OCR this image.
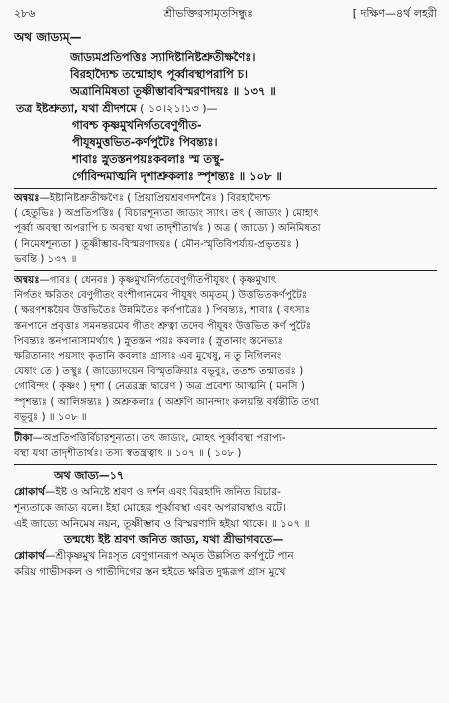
২৮৬	শ্রীভক্তিরসামৃতসিন্ধুঃ	[ দক্ষিণ—৪র্থ লহরী
অথ জাড্যম্‌—
জাড্যমপ্রতিপত্তিঃ স্যাদিষ্টানিষ্টশ্রুতীক্ষণৈঃ।
বিরহাদ্যৈশ্চ তন্মোহাৎ পূর্ব্বাবস্থাপরাপি চ।
অত্রানিমিষতা তূষ্ণীম্ভাববিস্মরণাদয়ঃ ॥ ১৩৭ ॥
তত্র ইষ্টশ্রুত্যা, যথা শ্রীদশমে ( ১০।২১।১৩ )—
গাবশ্চ কৃষ্ণমুখনির্গতবেণুগীত-
পীযূষমুত্তভিত-কর্ণপুটৈঃ পিবন্ত্যঃ।
শাবাঃ স্নুতস্তনপয়ঃকবলাঃ স্ম তস্থু-
র্গোবিন্দমাত্মনি দৃশাশ্রুকলাঃ স্পৃশন্ত্যঃ ॥ ১০৮ ॥
অন্বয়ঃ—ইষ্টানিষ্টশ্রুতীক্ষণৈঃ ( প্রিয়াপ্রিয়শ্রবণদর্শনৈঃ ) বিরহাদ্যৈশ্চ
( হেতুভিঃ ) অপ্রতিপত্তিঃ ( বিচারশূন্যতা জাড্যং স্যাৎ। তৎ ( জাড্যং ) মোহাৎ
পূর্ব্বা অবস্থা অপরাপি চ অবস্থা যথা তাদৃশীতার্থঃ ) অত্র ( জাড্যে ) অনিমিষতা
( নিমেষশূন্যতা ) তূষ্ণীম্ভাব-বিস্মরণাদয়ঃ ( মৌন-স্মৃতিবিপর্য্যয়-প্রভৃতয়ঃ )
ভবন্তি ) ১৩৭ ॥
অন্বয়ঃ—গাবঃ ( ধেনবঃ ) কৃষ্ণমুখনির্গতবেণুগীতপীযূষং ( কৃষ্ণমুখাৎ
নির্গতং ক্ষরিতং বেণুগীতং বংশীগানমেব পীযূষং অমৃতম্‌ ) উত্তভিতকর্ণপুটৈঃ
( ক্ষরণশঙ্কয়ৈব উত্তভিতৈঃ উন্নমিতৈঃ কর্ণপাত্রৈঃ ) পিবন্ত্যঃ, শাবাঃ ( বৎসাঃ
স্তনপানে প্রবৃত্তাঃ সমনন্তরমেব গীতং শ্রুত্বা তদেব পীযূষং উত্তভিত কর্ণ পুটৈঃ
পিবন্ত্যঃ স্তনপানাসামর্থ্যাৎ ) স্নুতস্তন পয়ঃ কবলাঃ ( স্নুতানাং স্তনেভ্যঃ
ক্ষরিতানাং পয়সাং কৃতানি কবলাঃ গ্রাসাঃ এব মুখেষু, ন তু নিগিলনং
যেষাং তে ) তস্থুঃ ( জাড্যোদয়েন বিস্মৃতক্রিয়াঃ বভূবুঃ, ততশ্চ তন্মাতরঃ )
গোবিন্দং ( কৃষ্ণং ) দৃশা ( নেত্ররন্ধ্র দ্বারেণ ) অত্র প্রবেশ্য আত্মনি ( মনসি )
স্পৃশন্ত্যঃ ( আলিঙ্গন্ত্যঃ ) অশ্রুকলাঃ ( অশ্রুণি আনন্দাং কলয়ন্তি বর্ষন্তীতি তথা
বভূবুঃ ) ॥ ১০৮ ॥
টীকা—অপ্রতিপত্তির্বিচারশূন্যতা। তৎ জাড্যং, মোহৎ পূর্ব্বাবস্থা পরাপ্য-
বস্থা যথা তাদৃশীতার্থঃ। তস্য স্বতন্ত্রত্বাৎ ॥ ১০৭ ॥ ( ১০৮ )
অথ জাড্য—১৭
শ্লোকার্থ—ইষ্ট ও অনিষ্টে শ্রবণ ও দর্শন এবং বিরহাদি জনিত বিচার-
শূন্যতাকে জাড্য বলে। ইহা মোহের পূর্ব্বাবস্থা এবং অপরাবস্থাও বটে।
এই জাড্যে অনিমেষ নয়ন, তূষ্ণীম্ভাব ও বিস্মরণাদি হইয়া থাকে। ॥ ১০৭ ॥
তন্মধ্যে ইষ্ট শ্রবণ জনিত জাড্য, যথা শ্রীভাগবতে—
শ্লোকার্থ—শ্রীকৃষ্ণমুখ নিঃসৃত বেণুগানরূপ অমৃত উল্লসিত কর্ণপুটে পান
করিয় গাভীসকল ও গাভীদিগের স্তন হইতে ক্ষরিত দুগ্ধরূপ গ্রাস মুখে
